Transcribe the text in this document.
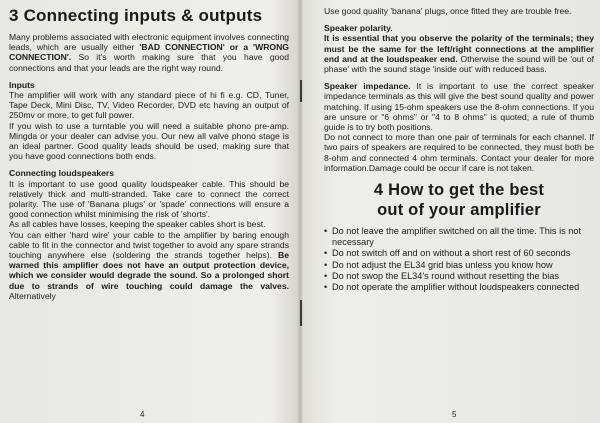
3 Connecting inputs & outputs

Many problems associated with electronic equipment involves connecting leads, which are usually either 'BAD CONNECTION' or a 'WRONG CONNECTION'. So it's worth making sure that you have good connections and that your leads are the right way round.

Inputs

The amplifier will work with any standard piece of hi fi e.g. CD, Tuner, Tape Deck, Mini Disc, TV, Video Recorder, DVD etc having an output of 250mv or more, to get full power.

If you wish to use a turntable you will need a suitable phono pre-amp. Mingda or your dealer can advise you. Our new all valve phono stage is an ideal partner. Good quality leads should be used, making sure that you have good connections both ends.

Connecting loudspeakers

It is important to use good quality loudspeaker cable. This should be relatively thick and multi-stranded. Take care to connect the correct polarity. The use of 'Banana plugs' or 'spade' connections will ensure a good connection whilst minimising the risk of 'shorts'.

As all cables have losses, keeping the speaker cables short is best.

You can either 'hard wire' your cable to the amplifier by baring enough cable to fit in the connector and twist together to avoid any spare strands touching anywhere else (soldering the strands together helps). Be warned this amplifier does not have an output protection device, which we consider would degrade the sound. So a prolonged short due to strands of wire touching could damage the valves. Alternatively

4

Use good quality 'banana' plugs, once fitted they are trouble free.

Speaker polarity.

It is essential that you observe the polarity of the terminals; they must be the same for the left/right connections at the amplifier end and at the loudspeaker end. Otherwise the sound will be 'out of phase' with the sound stage 'inside out' with reduced bass.

Speaker impedance. It is important to use the correct speaker impedance terminals as this will give the best sound quality and power matching. If using 15-ohm speakers use the 8-ohm connections. If you are unsure or "6 ohms" or "4 to 8 ohms" is quoted; a rule of thumb guide is to try both positions.

Do not connect to more than one pair of terminals for each channel. If two pairs of speakers are required to be connected, they must both be 8-ohm and connected 4 ohm terminals. Contact your dealer for more information.Damage could be occur if care is not taken.

4 How to get the best
out of your amplifier
• Do not leave the amplifier switched on all the time. This is not necessary
• Do not switch off and on without a short rest of 60 seconds
• Do not adjust the EL34 grid bias unless you know how
• Do not swop the EL34's round without resetting the bias
• Do not operate the amplifier without loudspeakers connected
5
